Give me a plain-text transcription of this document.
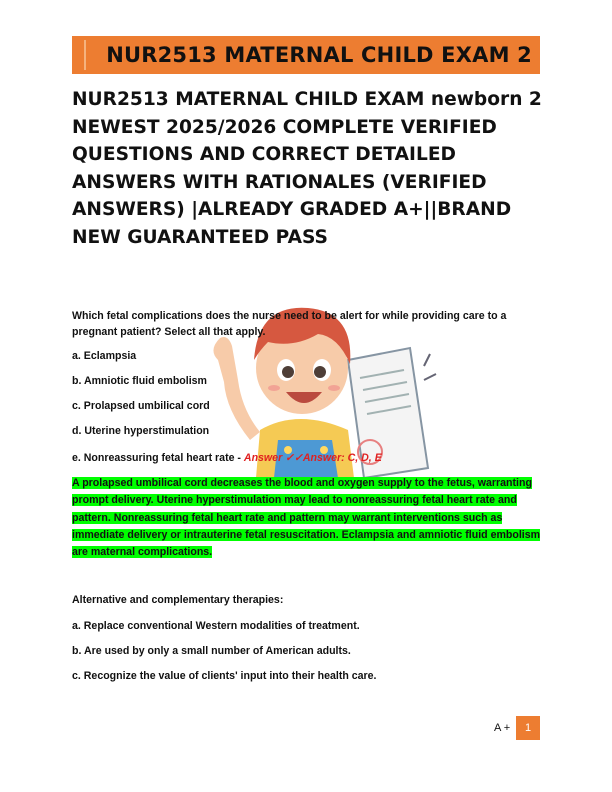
NUR2513 MATERNAL CHILD EXAM 2
NUR2513 MATERNAL CHILD EXAM newborn 2 NEWEST 2025/2026 COMPLETE VERIFIED QUESTIONS AND CORRECT DETAILED ANSWERS WITH RATIONALES (VERIFIED ANSWERS) |ALREADY GRADED A+||BRAND NEW GUARANTEED PASS

Which fetal complications does the nurse need to be alert for while providing care to a pregnant patient? Select all that apply.

a. Eclampsia

b. Amniotic fluid embolism

c. Prolapsed umbilical cord

d. Uterine hyperstimulation

e. Nonreassuring fetal heart rate - Answer ✓✓Answer: C, D, E

A prolapsed umbilical cord decreases the blood and oxygen supply to the fetus, warranting prompt delivery. Uterine hyperstimulation may lead to nonreassuring fetal heart rate and pattern. Nonreassuring fetal heart rate and pattern may warrant interventions such as immediate delivery or intrauterine fetal resuscitation. Eclampsia and amniotic fluid embolism are maternal complications.

Alternative and complementary therapies:

a. Replace conventional Western modalities of treatment.

b. Are used by only a small number of American adults.

c. Recognize the value of clients' input into their health care.

A +	1
